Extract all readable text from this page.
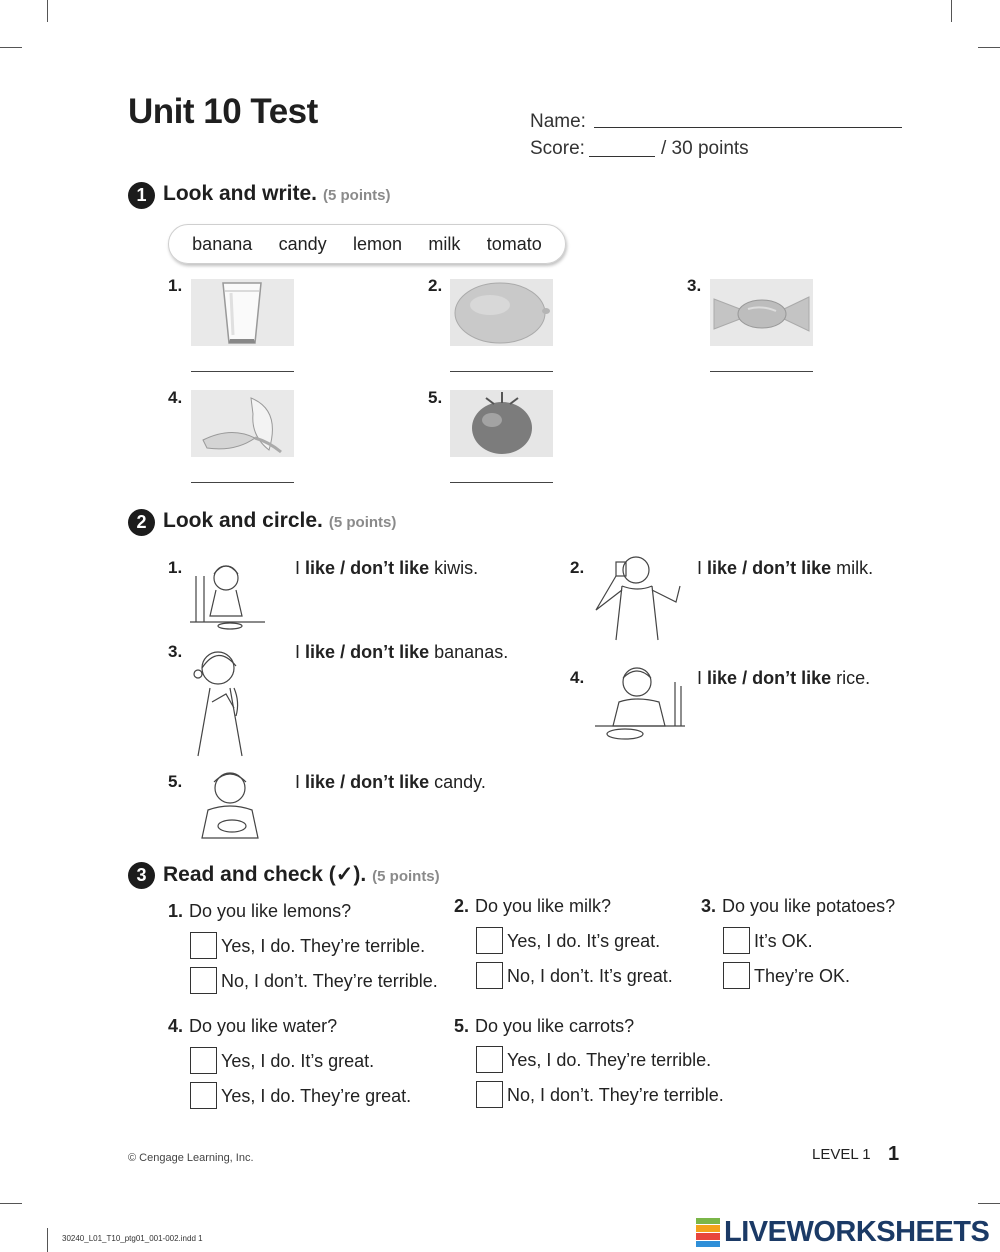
Unit 10 Test	Name:
Score:	/ 30 points
1 Look and write. (5 points)
banana candy lemon milk tomato
1.	2.	3.
4.	5.
2 Look and circle. (5 points)
1.	I like / don’t like kiwis.	2.	I like / don’t like milk.
3.	I like / don’t like bananas.
4.	I like / don’t like rice.
5.	I like / don’t like candy.
3 Read and check (✓). (5 points)
1. Do you like lemons?
Yes, I do. They’re terrible.
No, I don’t. They’re terrible.
2. Do you like milk?
Yes, I do. It’s great.
No, I don’t. It’s great.
3. Do you like potatoes?
It’s OK.
They’re OK.
4. Do you like water?
Yes, I do. It’s great.
Yes, I do. They’re great.
5. Do you like carrots?
Yes, I do. They’re terrible.
No, I don’t. They’re terrible.
© Cengage Learning, Inc.	LEVEL 1 1
30240_L01_T10_ptg01_001-002.indd 1	LIVEWORKSHEETS
